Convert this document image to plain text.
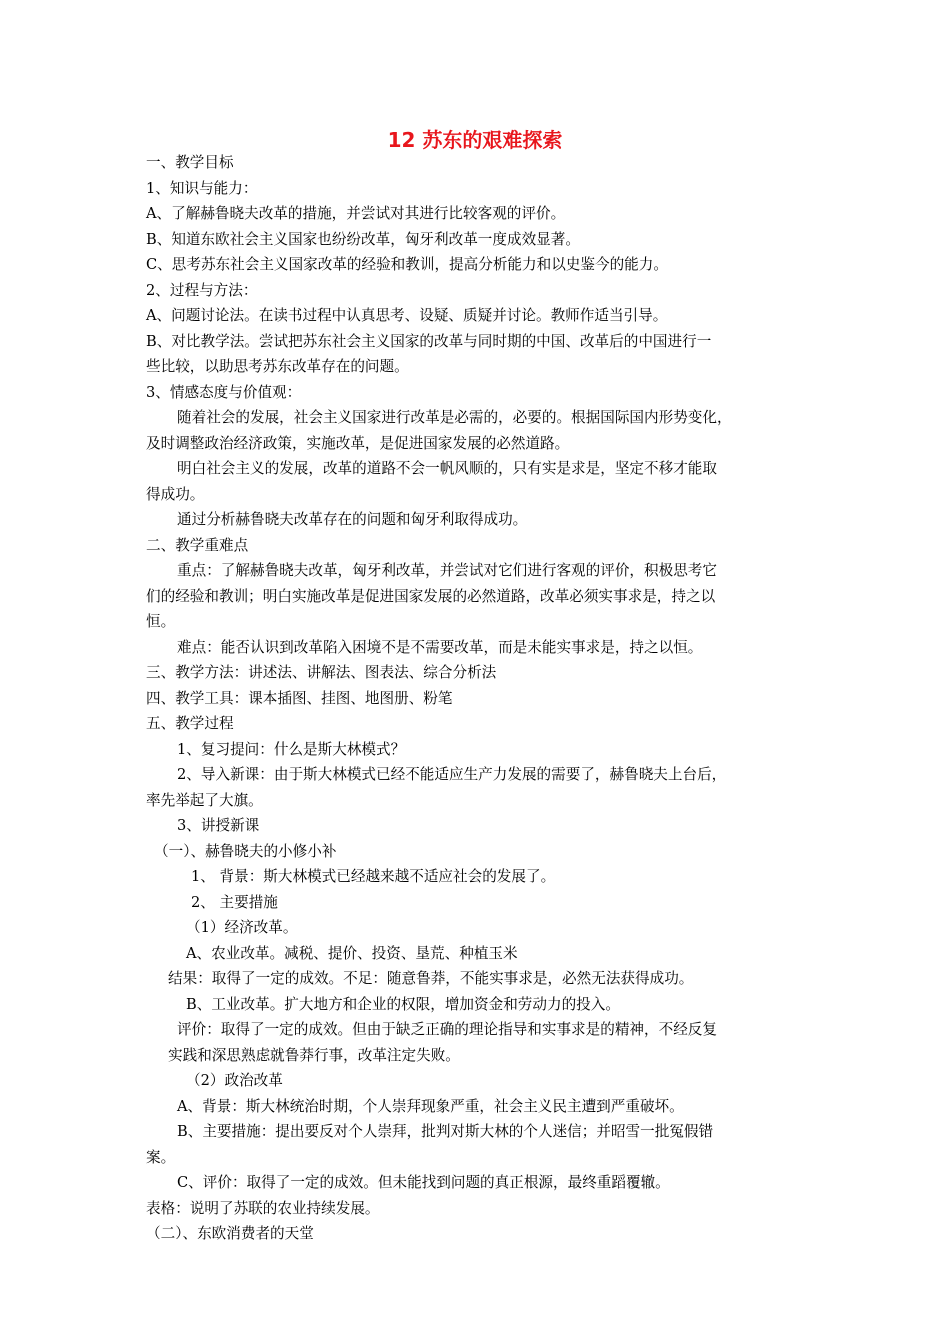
12 苏东的艰难探索
一、教学目标
1、知识与能力：
A、了解赫鲁晓夫改革的措施，并尝试对其进行比较客观的评价。
B、知道东欧社会主义国家也纷纷改革，匈牙利改革一度成效显著。
C、思考苏东社会主义国家改革的经验和教训，提高分析能力和以史鉴今的能力。
2、过程与方法：
A、问题讨论法。在读书过程中认真思考、设疑、质疑并讨论。教师作适当引导。
B、对比教学法。尝试把苏东社会主义国家的改革与同时期的中国、改革后的中国进行一
些比较，以助思考苏东改革存在的问题。
3、情感态度与价值观：
随着社会的发展，社会主义国家进行改革是必需的，必要的。根据国际国内形势变化，
及时调整政治经济政策，实施改革，是促进国家发展的必然道路。
明白社会主义的发展，改革的道路不会一帆风顺的，只有实是求是，坚定不移才能取
得成功。
通过分析赫鲁晓夫改革存在的问题和匈牙利取得成功。
二、教学重难点
重点：了解赫鲁晓夫改革，匈牙利改革，并尝试对它们进行客观的评价，积极思考它
们的经验和教训；明白实施改革是促进国家发展的必然道路，改革必须实事求是，持之以
恒。
难点：能否认识到改革陷入困境不是不需要改革，而是未能实事求是，持之以恒。
三、教学方法：讲述法、讲解法、图表法、综合分析法
四、教学工具：课本插图、挂图、地图册、粉笔
五、教学过程
1、复习提问：什么是斯大林模式？
2、导入新课：由于斯大林模式已经不能适应生产力发展的需要了，赫鲁晓夫上台后，
率先举起了大旗。
3、讲授新课
（一）、赫鲁晓夫的小修小补
1、 背景：斯大林模式已经越来越不适应社会的发展了。
2、 主要措施
（1）经济改革。
A、农业改革。减税、提价、投资、垦荒、种植玉米
结果：取得了一定的成效。不足：随意鲁莽，不能实事求是，必然无法获得成功。
B、工业改革。扩大地方和企业的权限，增加资金和劳动力的投入。
评价：取得了一定的成效。但由于缺乏正确的理论指导和实事求是的精神，不经反复
实践和深思熟虑就鲁莽行事，改革注定失败。
（2）政治改革
A、背景：斯大林统治时期，个人崇拜现象严重，社会主义民主遭到严重破坏。
B、主要措施：提出要反对个人崇拜，批判对斯大林的个人迷信；并昭雪一批冤假错
案。
C、评价：取得了一定的成效。但未能找到问题的真正根源，最终重蹈覆辙。
表格：说明了苏联的农业持续发展。
（二）、东欧消费者的天堂
